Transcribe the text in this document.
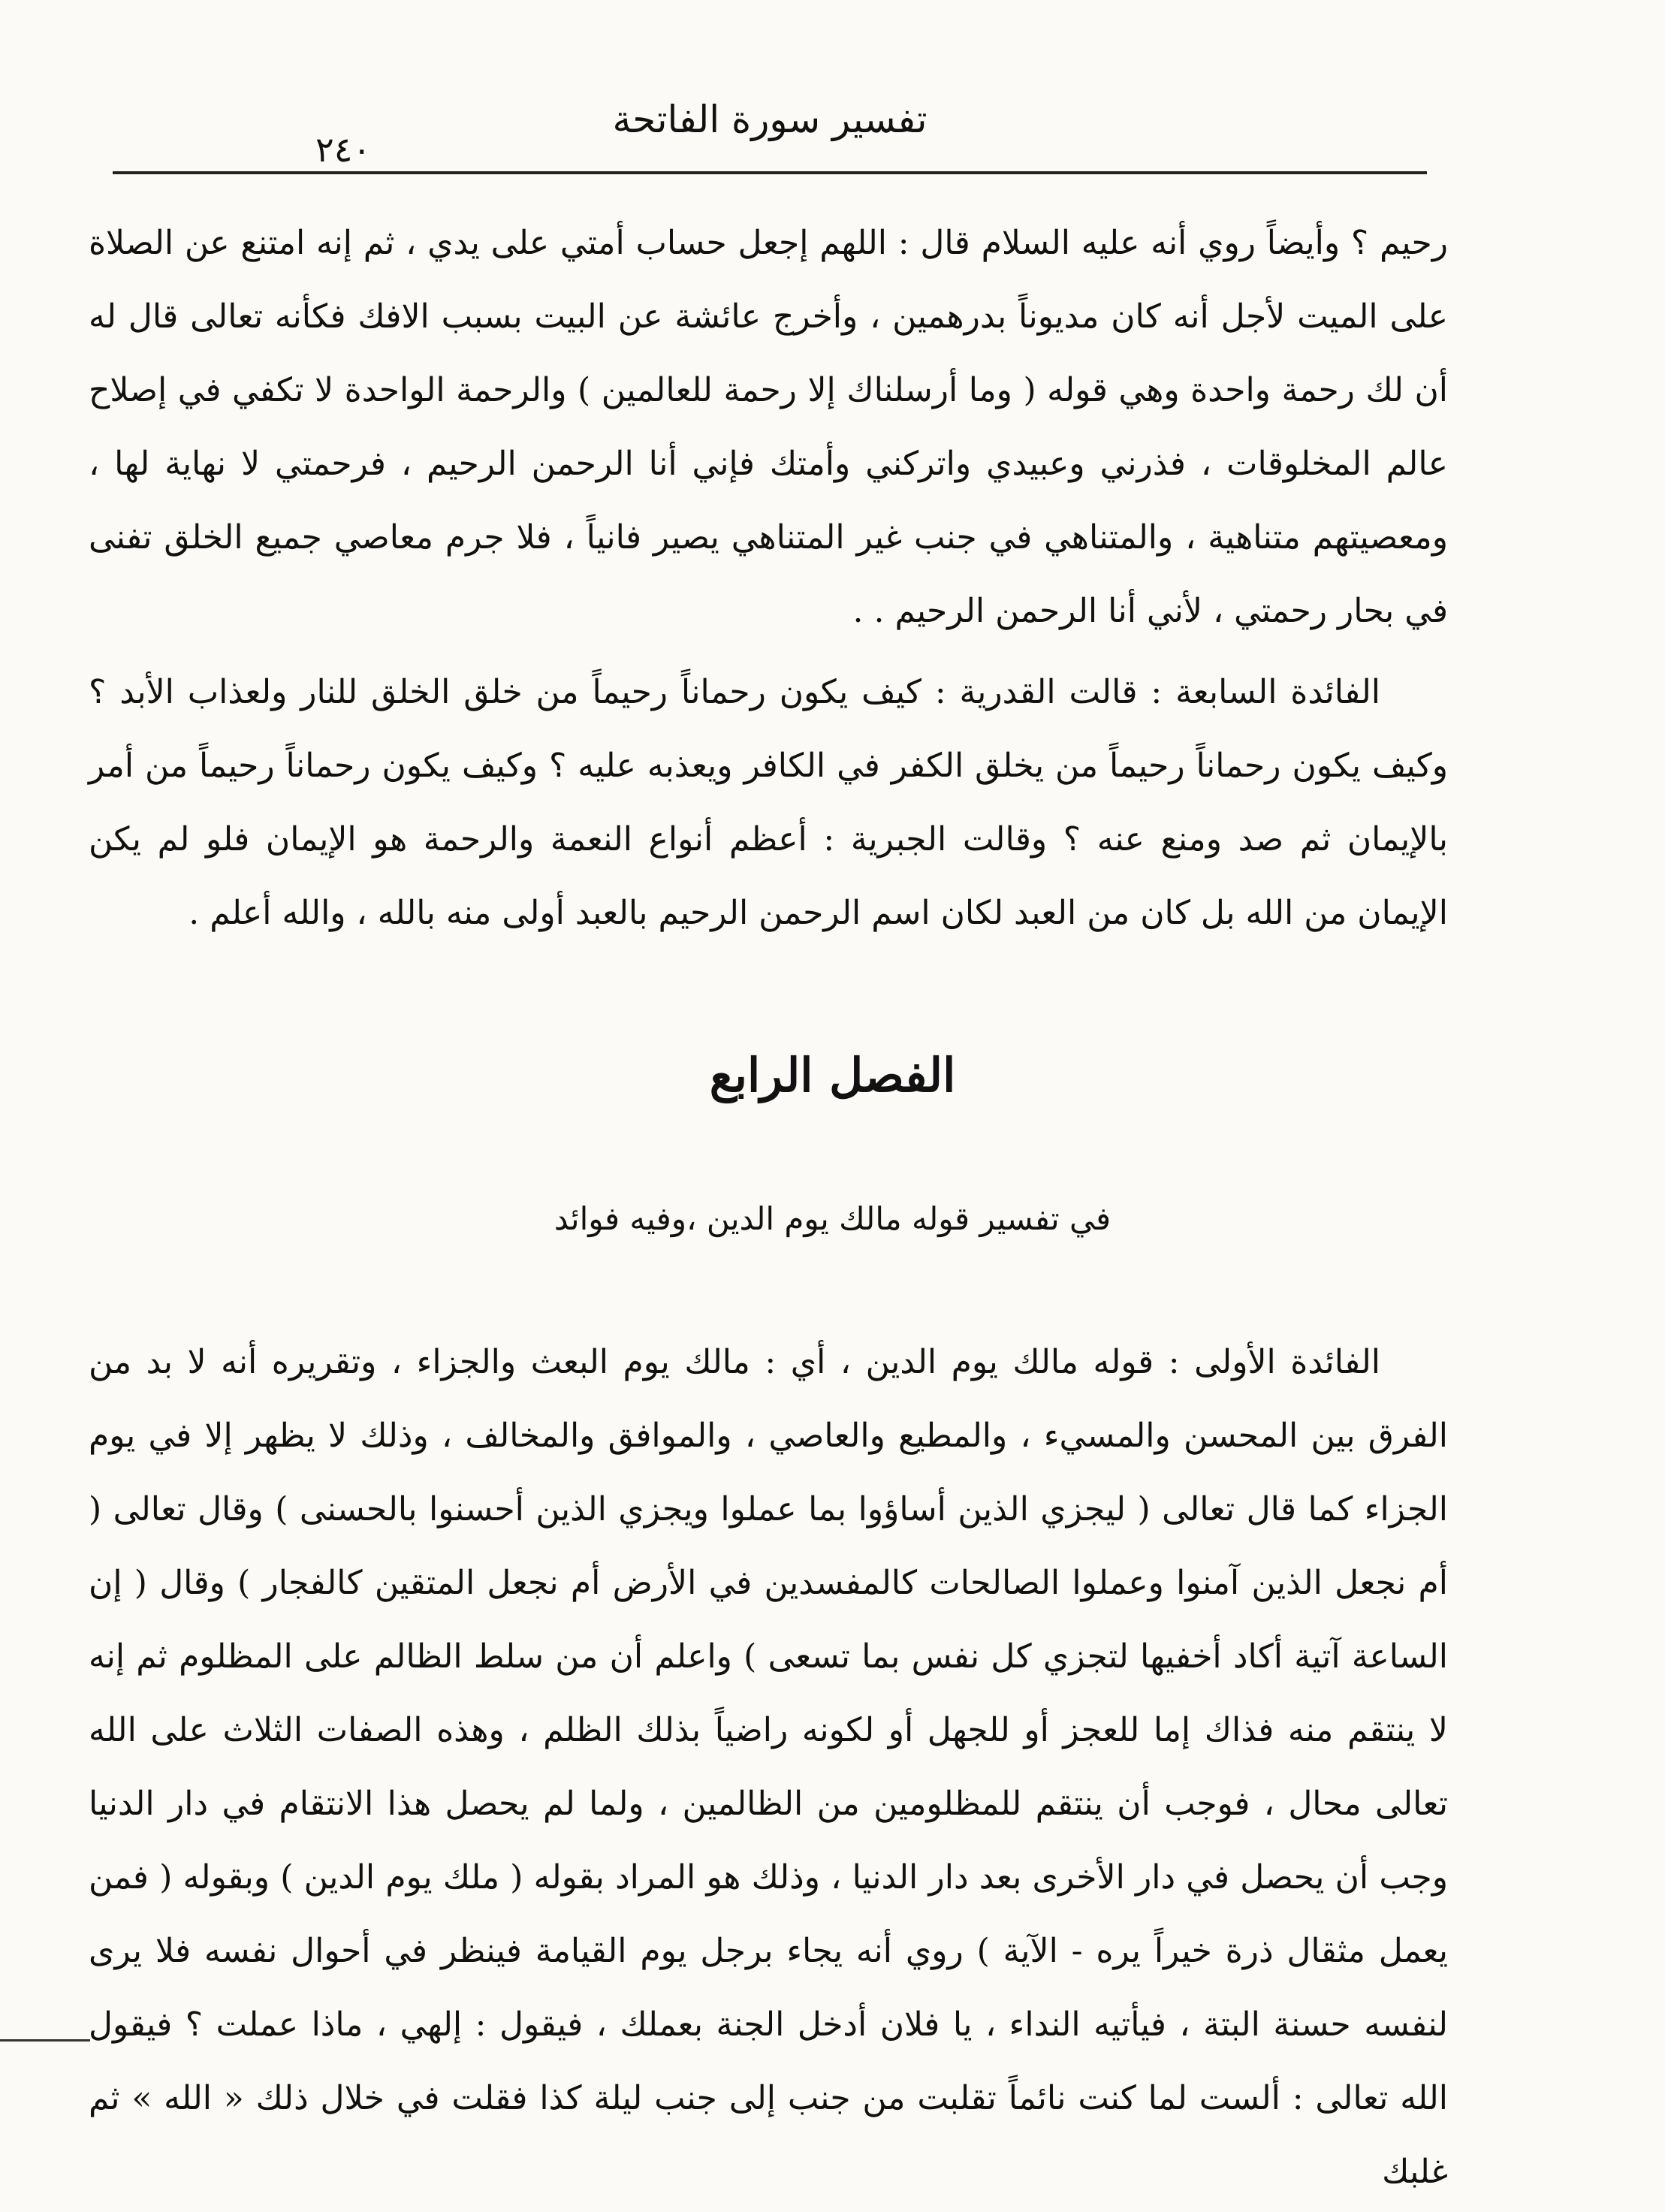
تفسير سورة الفاتحة
٢٤٠

رحيم ؟ وأيضاً روي أنه عليه السلام قال : اللهم إجعل حساب أمتي على يدي ، ثم إنه امتنع عن الصلاة على الميت لأجل أنه كان مديوناً بدرهمين ، وأخرج عائشة عن البيت بسبب الافك فكأنه تعالى قال له أن لك رحمة واحدة وهي قوله ( وما أرسلناك إلا رحمة للعالمين ) والرحمة الواحدة لا تكفي في إصلاح عالم المخلوقات ، فذرني وعبيدي واتركني وأمتك فإني أنا الرحمن الرحيم ، فرحمتي لا نهاية لها ، ومعصيتهم متناهية ، والمتناهي في جنب غير المتناهي يصير فانياً ، فلا جرم معاصي جميع الخلق تفنى في بحار رحمتي ، لأني أنا الرحمن الرحيم . .

الفائدة السابعة : قالت القدرية : كيف يكون رحماناً رحيماً من خلق الخلق للنار ولعذاب الأبد ؟ وكيف يكون رحماناً رحيماً من يخلق الكفر في الكافر ويعذبه عليه ؟ وكيف يكون رحماناً رحيماً من أمر بالإيمان ثم صد ومنع عنه ؟ وقالت الجبرية : أعظم أنواع النعمة والرحمة هو الإيمان فلو لم يكن الإيمان من الله بل كان من العبد لكان اسم الرحمن الرحيم بالعبد أولى منه بالله ، والله أعلم .

الفصل الرابع
في تفسير قوله مالك يوم الدين ،وفيه فوائد

الفائدة الأولى : قوله مالك يوم الدين ، أي : مالك يوم البعث والجزاء ، وتقريره أنه لا بد من الفرق بين المحسن والمسيء ، والمطيع والعاصي ، والموافق والمخالف ، وذلك لا يظهر إلا في يوم الجزاء كما قال تعالى ( ليجزي الذين أساؤوا بما عملوا ويجزي الذين أحسنوا بالحسنى ) وقال تعالى ( أم نجعل الذين آمنوا وعملوا الصالحات كالمفسدين في الأرض أم نجعل المتقين كالفجار ) وقال ( إن الساعة آتية أكاد أخفيها لتجزي كل نفس بما تسعى ) واعلم أن من سلط الظالم على المظلوم ثم إنه لا ينتقم منه فذاك إما للعجز أو للجهل أو لكونه راضياً بذلك الظلم ، وهذه الصفات الثلاث على الله تعالى محال ، فوجب أن ينتقم للمظلومين من الظالمين ، ولما لم يحصل هذا الانتقام في دار الدنيا وجب أن يحصل في دار الأخرى بعد دار الدنيا ، وذلك هو المراد بقوله ( ملك يوم الدين ) وبقوله ( فمن يعمل مثقال ذرة خيراً يره - الآية ) روي أنه يجاء برجل يوم القيامة فينظر في أحوال نفسه فلا يرى لنفسه حسنة البتة ، فيأتيه النداء ، يا فلان أدخل الجنة بعملك ، فيقول : إلهي ، ماذا عملت ؟ فيقول الله تعالى : ألست لما كنت نائماً تقلبت من جنب إلى جنب ليلة كذا فقلت في خلال ذلك « الله » ثم غلبك
